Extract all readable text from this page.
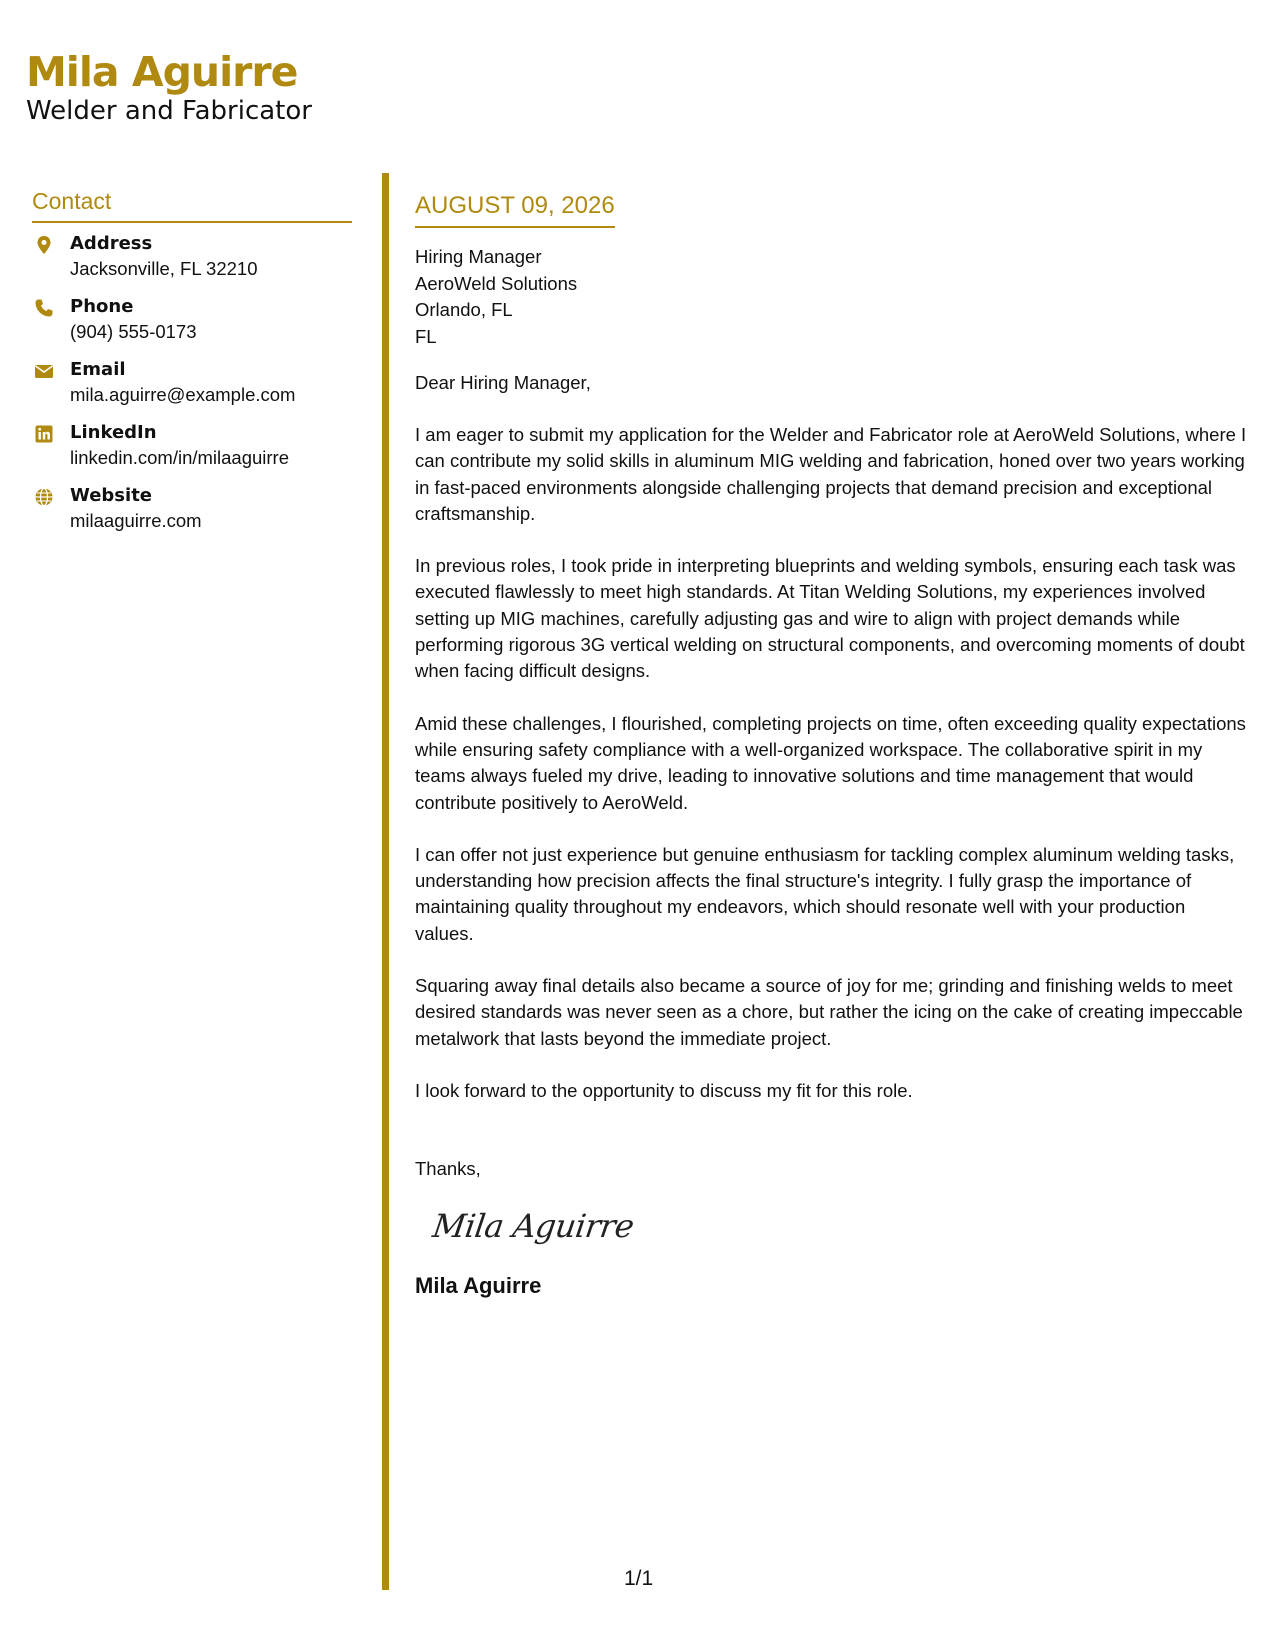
Mila Aguirre
Welder and Fabricator
Contact
Address
Jacksonville, FL 32210
Phone
(904) 555-0173
Email
mila.aguirre@example.com
LinkedIn
linkedin.com/in/milaaguirre
Website
milaaguirre.com
AUGUST 09, 2026
Hiring Manager
AeroWeld Solutions
Orlando, FL
FL
Dear Hiring Manager,
I am eager to submit my application for the Welder and Fabricator role at AeroWeld Solutions, where I can contribute my solid skills in aluminum MIG welding and fabrication, honed over two years working in fast-paced environments alongside challenging projects that demand precision and exceptional craftsmanship.
In previous roles, I took pride in interpreting blueprints and welding symbols, ensuring each task was executed flawlessly to meet high standards. At Titan Welding Solutions, my experiences involved setting up MIG machines, carefully adjusting gas and wire to align with project demands while performing rigorous 3G vertical welding on structural components, and overcoming moments of doubt when facing difficult designs.
Amid these challenges, I flourished, completing projects on time, often exceeding quality expectations while ensuring safety compliance with a well-organized workspace. The collaborative spirit in my teams always fueled my drive, leading to innovative solutions and time management that would contribute positively to AeroWeld.
I can offer not just experience but genuine enthusiasm for tackling complex aluminum welding tasks, understanding how precision affects the final structure's integrity. I fully grasp the importance of maintaining quality throughout my endeavors, which should resonate well with your production values.
Squaring away final details also became a source of joy for me; grinding and finishing welds to meet desired standards was never seen as a chore, but rather the icing on the cake of creating impeccable metalwork that lasts beyond the immediate project.
I look forward to the opportunity to discuss my fit for this role.
Thanks,
Mila Aguirre
Mila Aguirre
1/1
